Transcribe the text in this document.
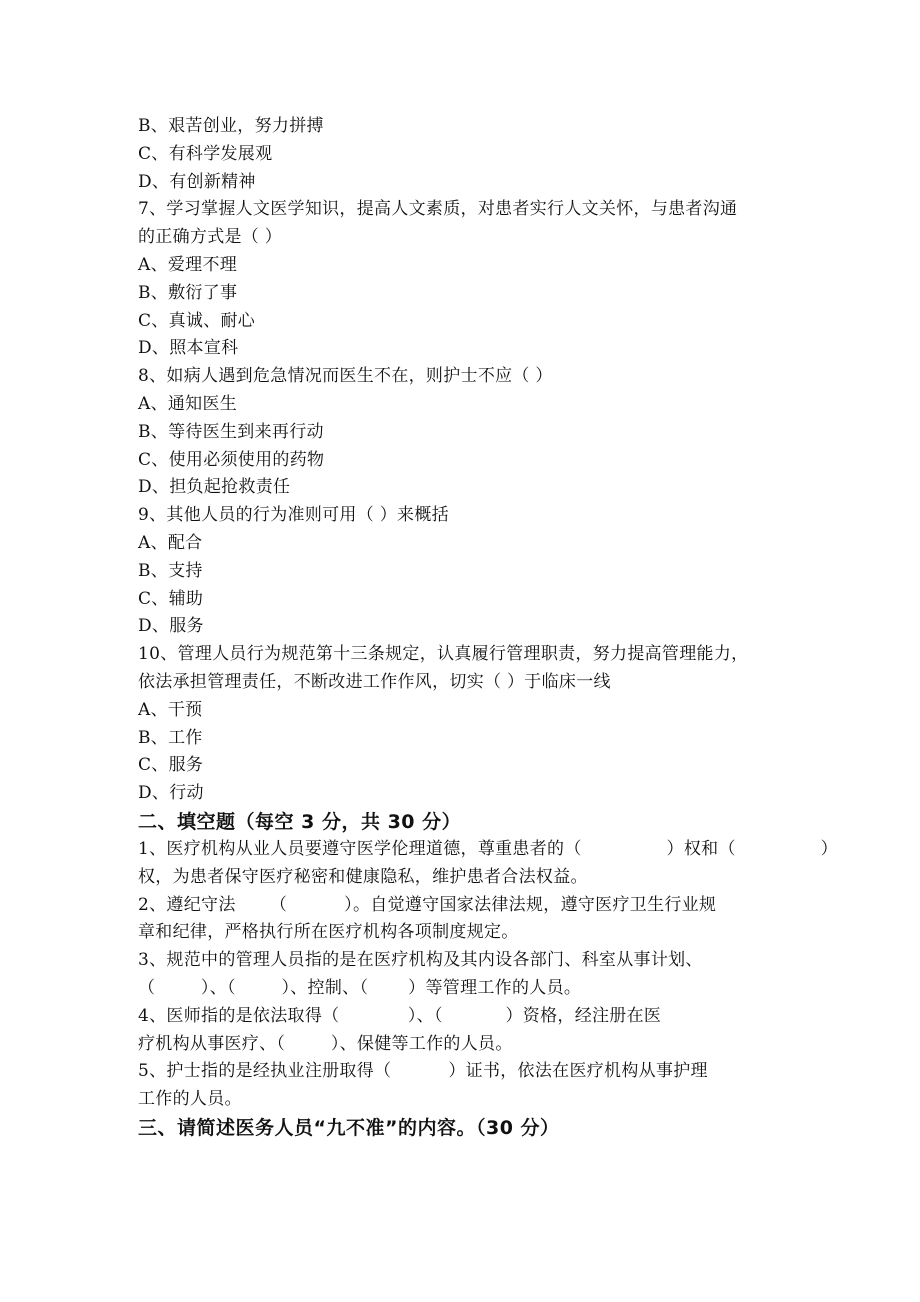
B、艰苦创业，努力拼搏
C、有科学发展观
D、有创新精神
7、学习掌握人文医学知识，提高人文素质，对患者实行人文关怀，与患者沟通
的正确方式是（ ）
A、爱理不理
B、敷衍了事
C、真诚、耐心
D、照本宣科
8、如病人遇到危急情况而医生不在，则护士不应（ ）
A、通知医生
B、等待医生到来再行动
C、使用必须使用的药物
D、担负起抢救责任
9、其他人员的行为准则可用（ ）来概括
A、配合
B、支持
C、辅助
D、服务
10、管理人员行为规范第十三条规定，认真履行管理职责，努力提高管理能力，
依法承担管理责任，不断改进工作作风，切实（ ）于临床一线
A、干预
B、工作
C、服务
D、行动
二、填空题（每空 3 分，共 30 分）
1、医疗机构从业人员要遵守医学伦理道德，尊重患者的（	）权和（	）
权，为患者保守医疗秘密和健康隐私，维护患者合法权益。
2、遵纪守法      （          ）。自觉遵守国家法律法规，遵守医疗卫生行业规
章和纪律，严格执行所在医疗机构各项制度规定。
3、规范中的管理人员指的是在医疗机构及其内设各部门、科室从事计划、
（        ）、（        ）、控制、（       ）等管理工作的人员。
4、医师指的是依法取得（            ）、（           ）资格，经注册在医
疗机构从事医疗、（        ）、保健等工作的人员。
5、护士指的是经执业注册取得（          ）证书，依法在医疗机构从事护理
工作的人员。
三、请简述医务人员“九不准”的内容。（30 分）
